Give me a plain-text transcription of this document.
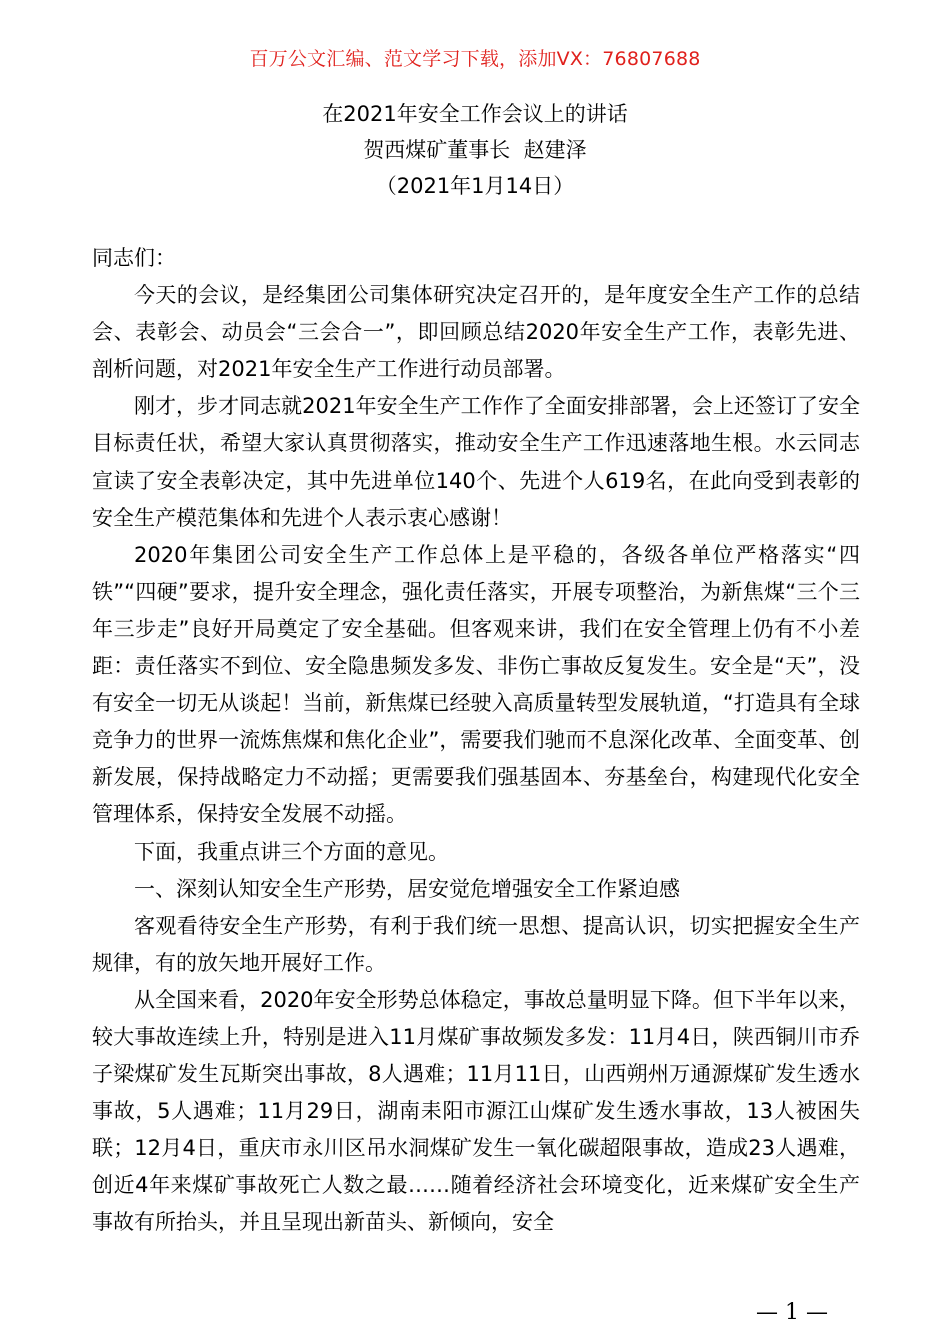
百万公文汇编、范文学习下载，添加VX：76807688
在2021年安全工作会议上的讲话
贺西煤矿董事长  赵建泽
（2021年1月14日）

同志们：

今天的会议，是经集团公司集体研究决定召开的，是年度安全生产工作的总结会、表彰会、动员会“三会合一”，即回顾总结2020年安全生产工作，表彰先进、剖析问题，对2021年安全生产工作进行动员部署。

刚才，步才同志就2021年安全生产工作作了全面安排部署，会上还签订了安全目标责任状，希望大家认真贯彻落实，推动安全生产工作迅速落地生根。水云同志宣读了安全表彰决定，其中先进单位140个、先进个人619名，在此向受到表彰的安全生产模范集体和先进个人表示衷心感谢！

2020年集团公司安全生产工作总体上是平稳的，各级各单位严格落实“四铁”“四硬”要求，提升安全理念，强化责任落实，开展专项整治，为新焦煤“三个三年三步走”良好开局奠定了安全基础。但客观来讲，我们在安全管理上仍有不小差距：责任落实不到位、安全隐患频发多发、非伤亡事故反复发生。安全是“天”，没有安全一切无从谈起！当前，新焦煤已经驶入高质量转型发展轨道，“打造具有全球竞争力的世界一流炼焦煤和焦化企业”，需要我们驰而不息深化改革、全面变革、创新发展，保持战略定力不动摇；更需要我们强基固本、夯基垒台，构建现代化安全管理体系，保持安全发展不动摇。

下面，我重点讲三个方面的意见。

一、深刻认知安全生产形势，居安觉危增强安全工作紧迫感

客观看待安全生产形势，有利于我们统一思想、提高认识，切实把握安全生产规律，有的放矢地开展好工作。

从全国来看，2020年安全形势总体稳定，事故总量明显下降。但下半年以来，较大事故连续上升，特别是进入11月煤矿事故频发多发：11月4日，陕西铜川市乔子梁煤矿发生瓦斯突出事故，8人遇难；11月11日，山西朔州万通源煤矿发生透水事故，5人遇难；11月29日，湖南耒阳市源江山煤矿发生透水事故，13人被困失联；12月4日，重庆市永川区吊水洞煤矿发生一氧化碳超限事故，造成23人遇难，创近4年来煤矿事故死亡人数之最……随着经济社会环境变化，近来煤矿安全生产事故有所抬头，并且呈现出新苗头、新倾向，安全

— 1 —
